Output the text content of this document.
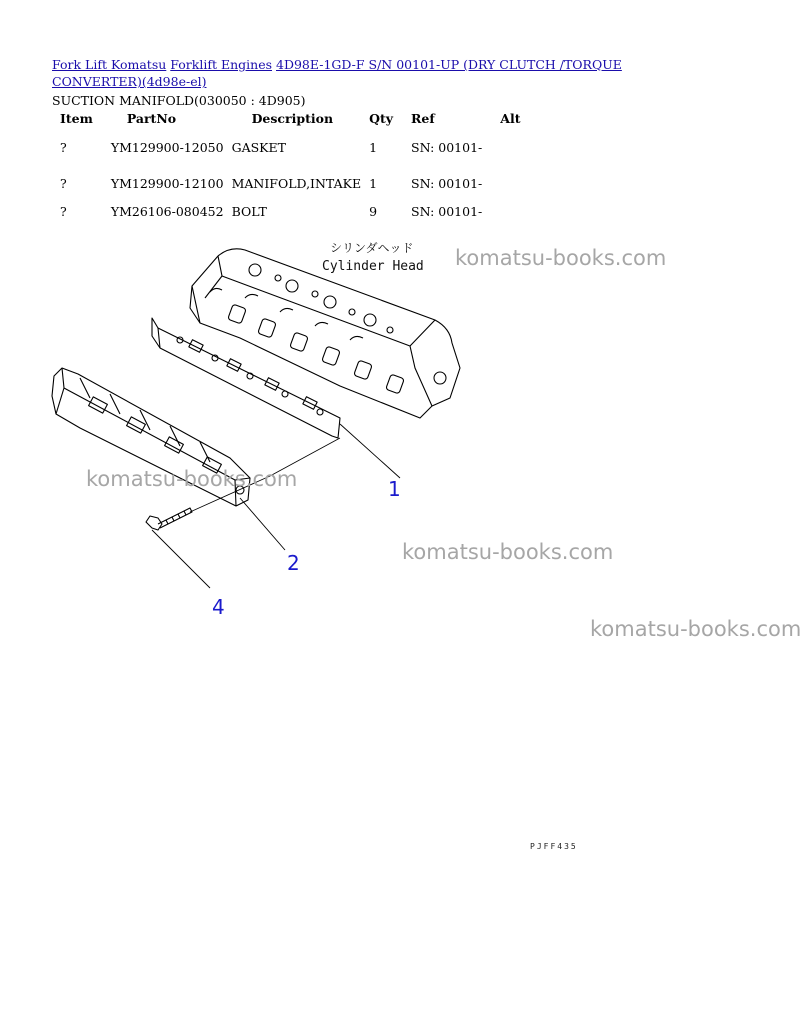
Fork Lift Komatsu Forklift Engines 4D98E-1GD-F S/N 00101-UP (DRY CLUTCH /TORQUE CONVERTER)(4d98e-el)
SUCTION MANIFOLD(030050 : 4D905)
Item	PartNo	Description	Qty	Ref	Alt
?	YM129900-12050	GASKET	1	SN: 00101-	
?	YM129900-12100	MANIFOLD,INTAKE	1	SN: 00101-	
?	YM26106-080452	BOLT	9	SN: 00101-	
シリンダヘッド
Cylinder Head
1
2
4
komatsu-books.com
komatsu-books.com
komatsu-books.com
komatsu-books.com
PJFF435
